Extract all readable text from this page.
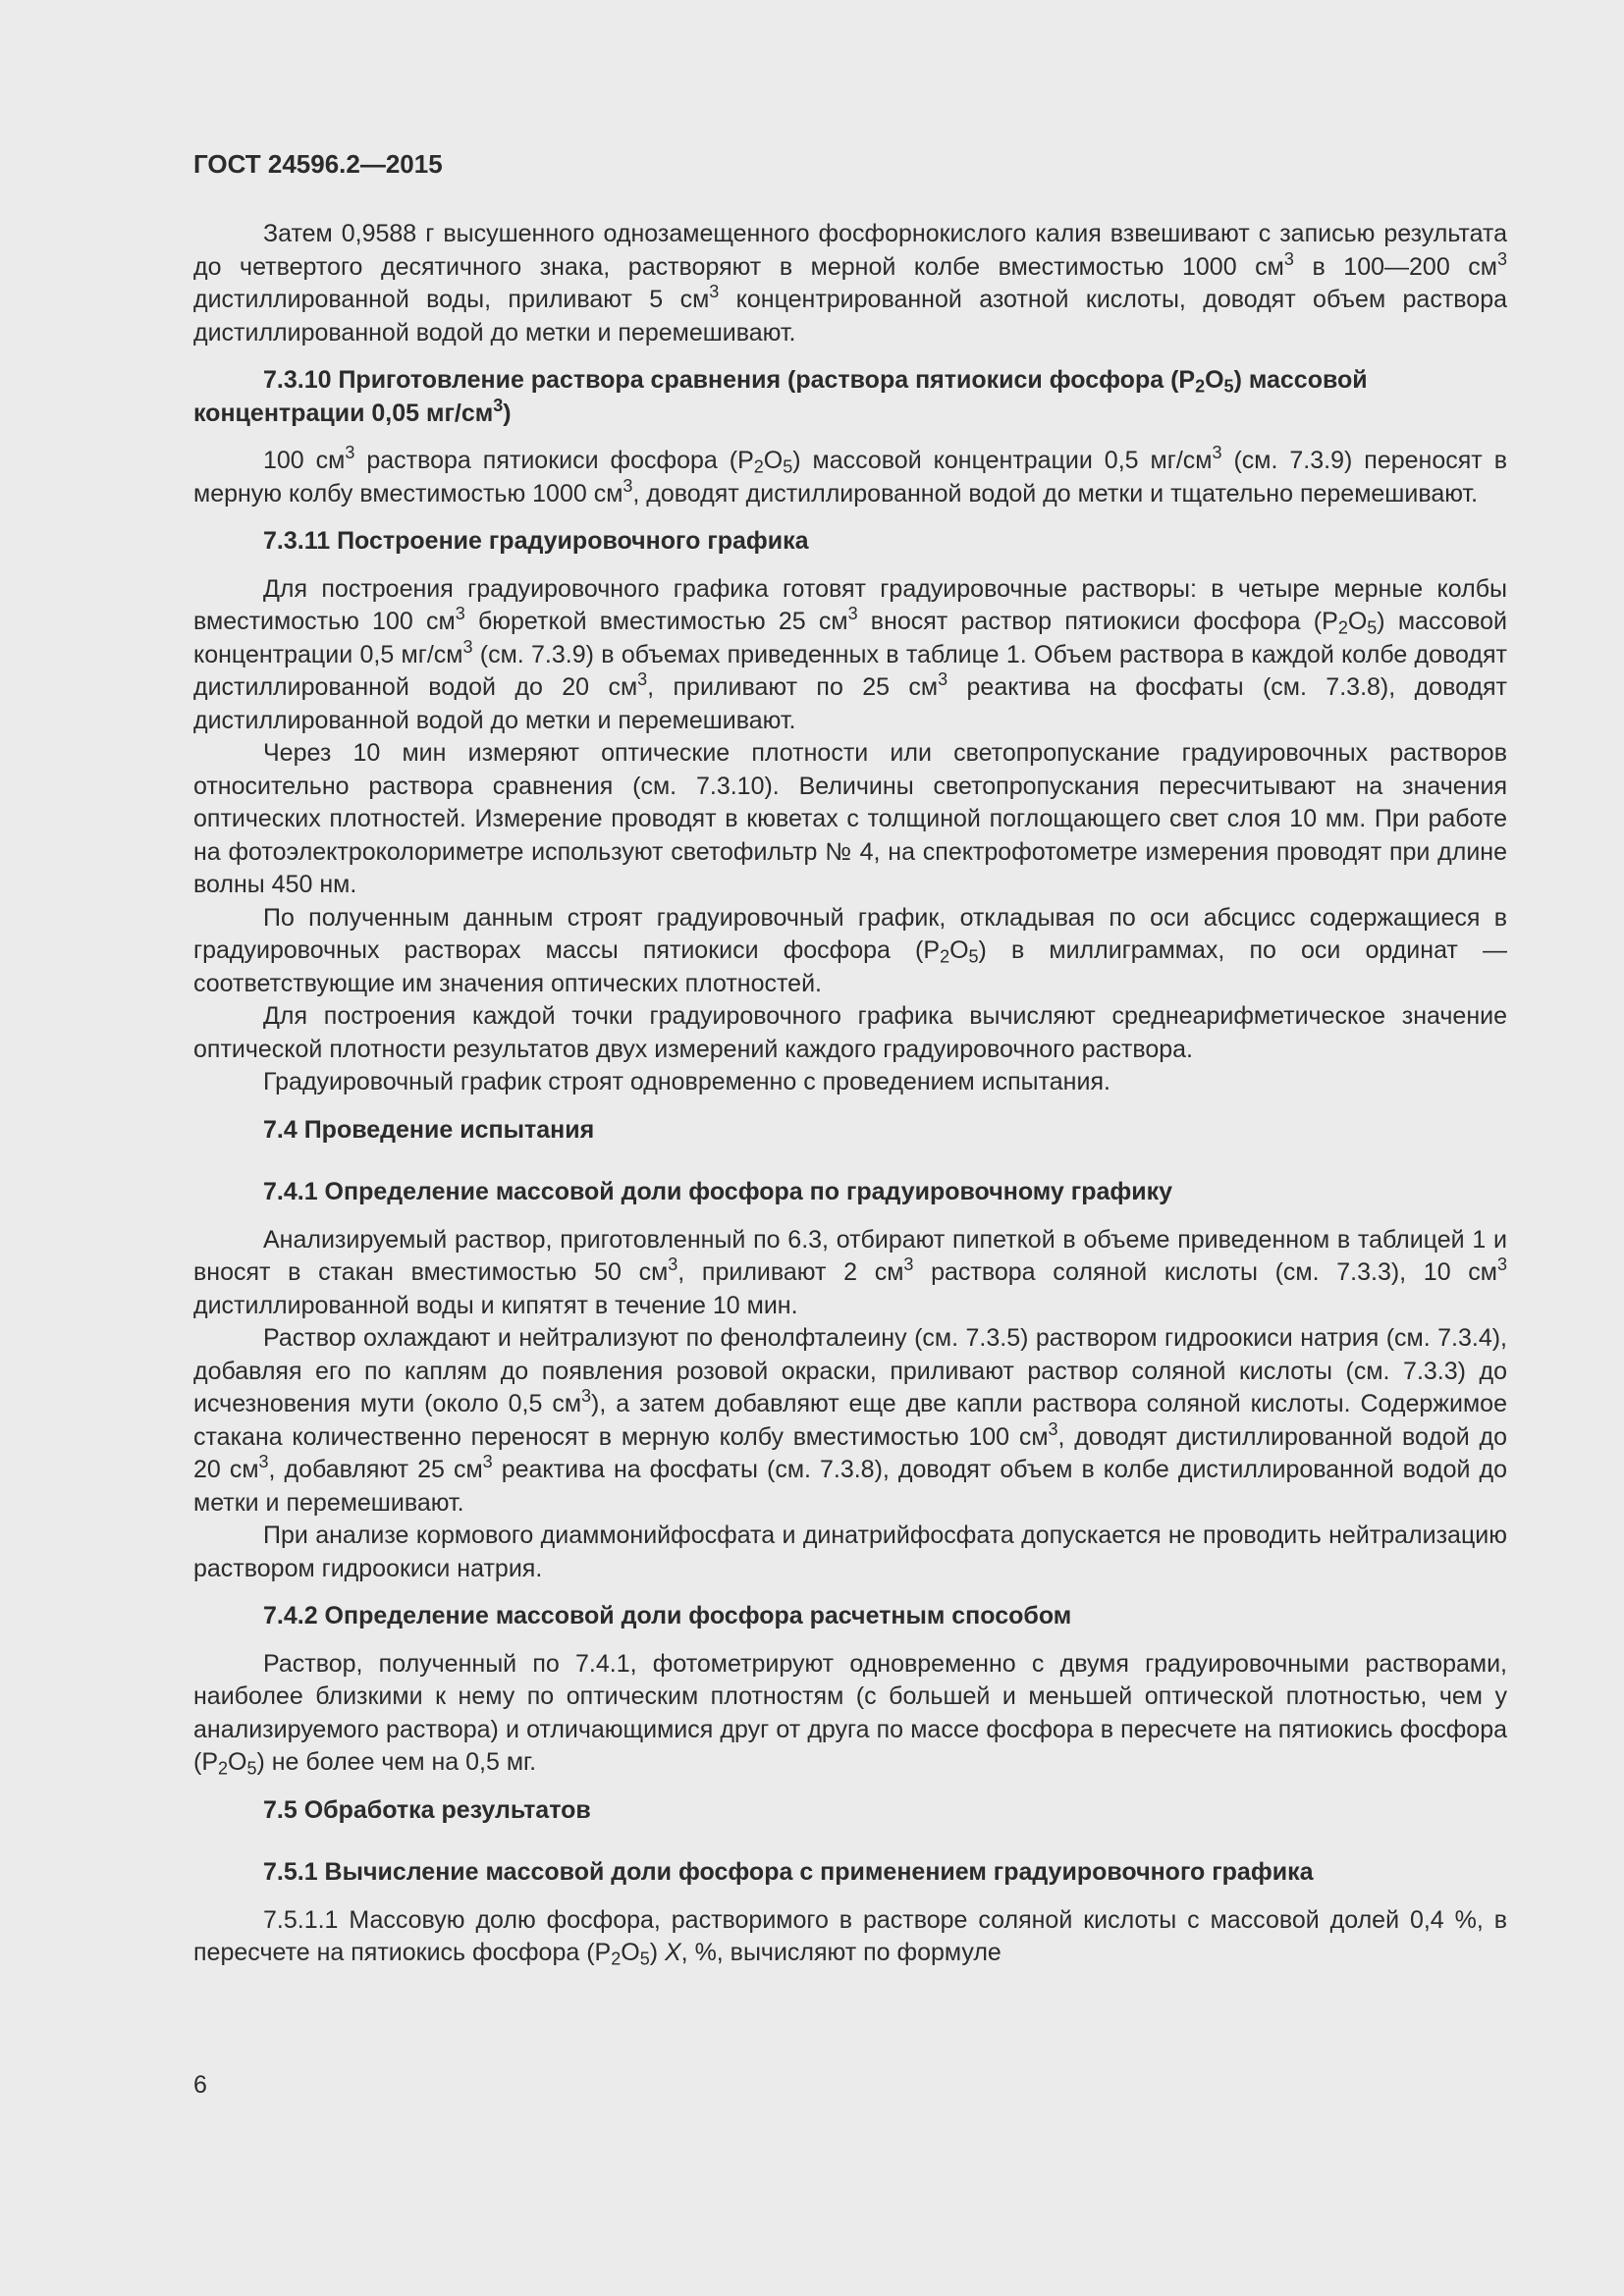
ГОСТ 24596.2—2015

Затем 0,9588 г высушенного однозамещенного фосфорнокислого калия взвешивают с записью результата до четвертого десятичного знака, растворяют в мерной колбе вместимостью 1000 $см^3$ в 100—200 $см^3$ дистиллированной воды, приливают 5 $см^3$ концентрированной азотной кислоты, доводят объем раствора дистиллированной водой до метки и перемешивают.

7.3.10 Приготовление раствора сравнения (раствора пятиокиси фосфора $(P_2O_5)$ массовой концентрации 0,05 $мг/см^3$)

100 $см^3$ раствора пятиокиси фосфора $(P_2O_5)$ массовой концентрации 0,5 $мг/см^3$ (см. 7.3.9) переносят в мерную колбу вместимостью 1000 $см^3$, доводят дистиллированной водой до метки и тщательно перемешивают.

7.3.11 Построение градуировочного графика

Для построения градуировочного графика готовят градуировочные растворы: в четыре мерные колбы вместимостью 100 $см^3$ бюреткой вместимостью 25 $см^3$ вносят раствор пятиокиси фосфора $(P_2O_5)$ массовой концентрации 0,5 $мг/см^3$ (см. 7.3.9) в объемах приведенных в таблице 1. Объем раствора в каждой колбе доводят дистиллированной водой до 20 $см^3$, приливают по 25 $см^3$ реактива на фосфаты (см. 7.3.8), доводят дистиллированной водой до метки и перемешивают.

Через 10 мин измеряют оптические плотности или светопропускание градуировочных растворов относительно раствора сравнения (см. 7.3.10). Величины светопропускания пересчитывают на значения оптических плотностей. Измерение проводят в кюветах с толщиной поглощающего свет слоя 10 мм. При работе на фотоэлектроколориметре используют светофильтр № 4, на спектрофотометре измерения проводят при длине волны 450 нм.

По полученным данным строят градуировочный график, откладывая по оси абсцисс содержащиеся в градуировочных растворах массы пятиокиси фосфора $(P_2O_5)$ в миллиграммах, по оси ординат — соответствующие им значения оптических плотностей.

Для построения каждой точки градуировочного графика вычисляют среднеарифметическое значение оптической плотности результатов двух измерений каждого градуировочного раствора.

Градуировочный график строят одновременно с проведением испытания.

7.4 Проведение испытания

7.4.1 Определение массовой доли фосфора по градуировочному графику

Анализируемый раствор, приготовленный по 6.3, отбирают пипеткой в объеме приведенном в таблицей 1 и вносят в стакан вместимостью 50 $см^3$, приливают 2 $см^3$ раствора соляной кислоты (см. 7.3.3), 10 $см^3$ дистиллированной воды и кипятят в течение 10 мин.

Раствор охлаждают и нейтрализуют по фенолфталеину (см. 7.3.5) раствором гидроокиси натрия (см. 7.3.4), добавляя его по каплям до появления розовой окраски, приливают раствор соляной кислоты (см. 7.3.3) до исчезновения мути (около 0,5 $см^3$), а затем добавляют еще две капли раствора соляной кислоты. Содержимое стакана количественно переносят в мерную колбу вместимостью 100 $см^3$, доводят дистиллированной водой до 20 $см^3$, добавляют 25 $см^3$ реактива на фосфаты (см. 7.3.8), доводят объем в колбе дистиллированной водой до метки и перемешивают.

При анализе кормового диаммонийфосфата и динатрийфосфата допускается не проводить нейтрализацию раствором гидроокиси натрия.

7.4.2 Определение массовой доли фосфора расчетным способом

Раствор, полученный по 7.4.1, фотометрируют одновременно с двумя градуировочными растворами, наиболее близкими к нему по оптическим плотностям (с большей и меньшей оптической плотностью, чем у анализируемого раствора) и отличающимися друг от друга по массе фосфора в пересчете на пятиокись фосфора $(P_2O_5)$ не более чем на 0,5 мг.

7.5 Обработка результатов

7.5.1 Вычисление массовой доли фосфора с применением градуировочного графика

7.5.1.1 Массовую долю фосфора, растворимого в растворе соляной кислоты с массовой долей 0,4 %, в пересчете на пятиокись фосфора $(P_2O_5)$ X, %, вычисляют по формуле

6
